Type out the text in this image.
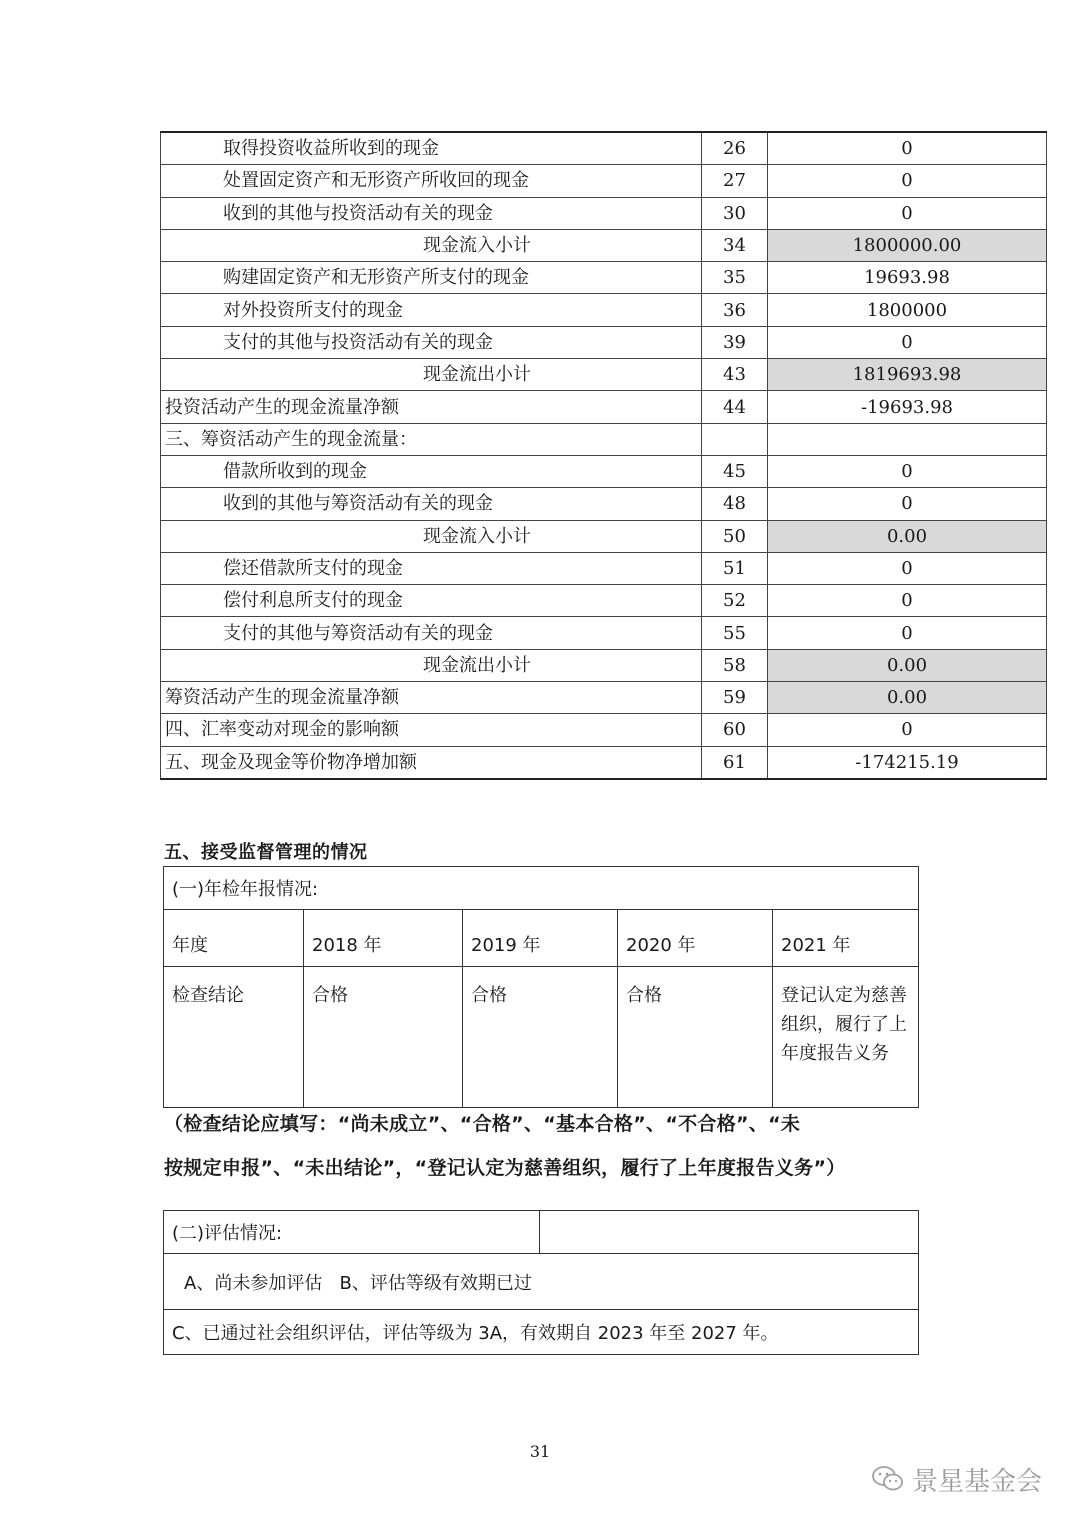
取得投资收益所收到的现金	26	0
处置固定资产和无形资产所收回的现金	27	0
收到的其他与投资活动有关的现金	30	0
现金流入小计	34	1800000.00
购建固定资产和无形资产所支付的现金	35	19693.98
对外投资所支付的现金	36	1800000
支付的其他与投资活动有关的现金	39	0
现金流出小计	43	1819693.98
投资活动产生的现金流量净额	44	-19693.98
三、筹资活动产生的现金流量：		
借款所收到的现金	45	0
收到的其他与筹资活动有关的现金	48	0
现金流入小计	50	0.00
偿还借款所支付的现金	51	0
偿付利息所支付的现金	52	0
支付的其他与筹资活动有关的现金	55	0
现金流出小计	58	0.00
筹资活动产生的现金流量净额	59	0.00
四、汇率变动对现金的影响额	60	0
五、现金及现金等价物净增加额	61	-174215.19
五、接受监督管理的情况
(一)年检年报情况:				
年度	2018 年	2019 年	2020 年	2021 年
检查结论	合格	合格	合格	登记认定为慈善组织，履行了上年度报告义务
（检查结论应填写：“尚未成立”、“合格”、“基本合格”、“不合格”、“未
按规定申报”、“未出结论”，“登记认定为慈善组织，履行了上年度报告义务”）
(二)评估情况:	
A、尚未参加评估   B、评估等级有效期已过
C、已通过社会组织评估，评估等级为 3A，有效期自 2023 年至 2027 年。
31
景星基金会
